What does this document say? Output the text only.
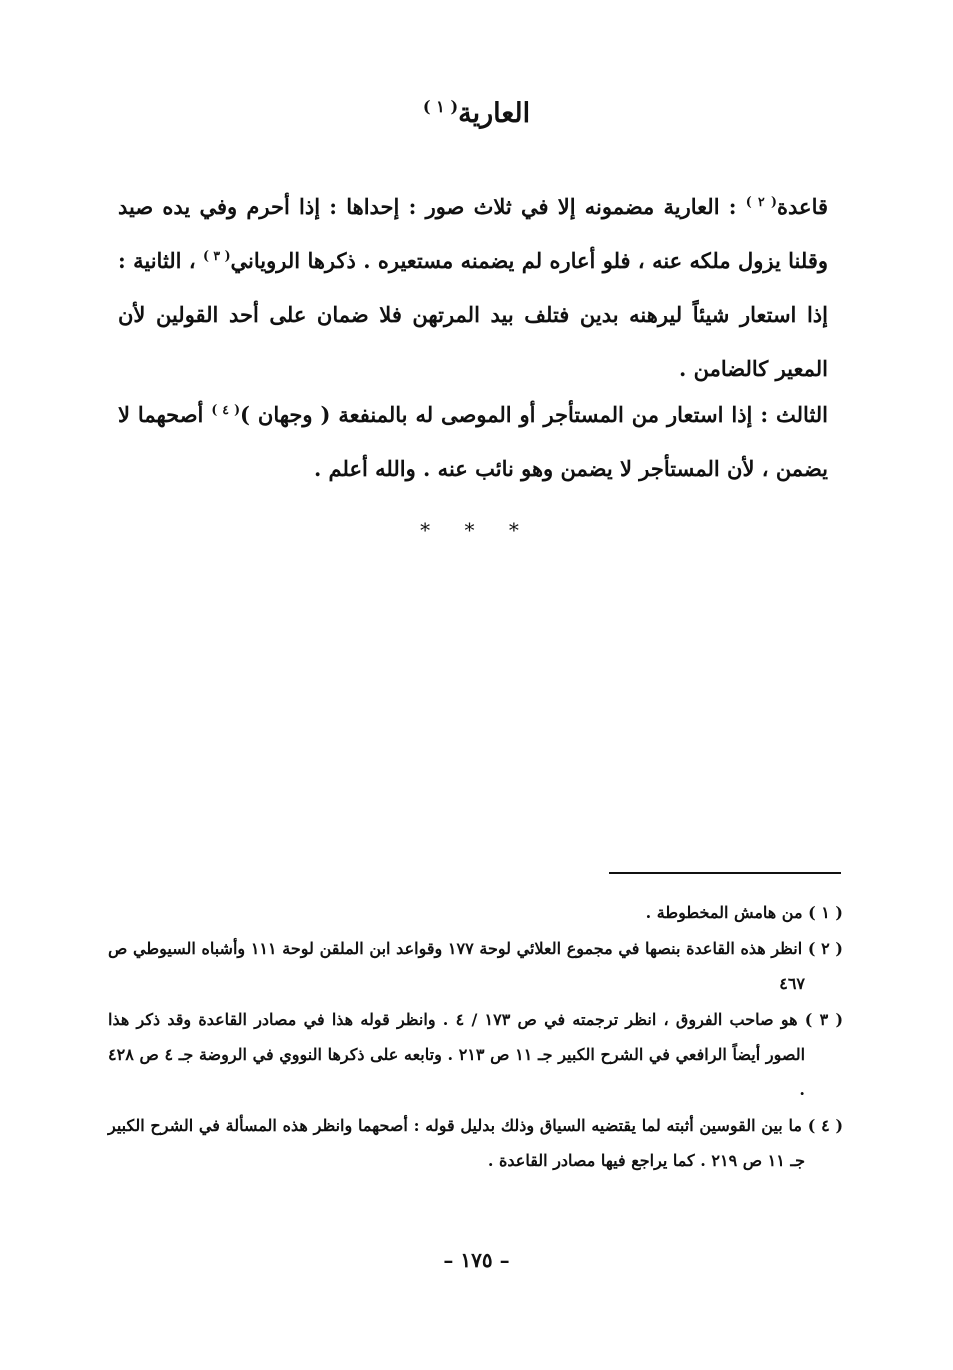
العارية$^{( ١ )}$
قاعدة$^{( ٢ )}$ : العارية مضمونه إلا في ثلاث صور : إحداها : إذا أحرم وفي يده صيد وقلنا يزول ملكه عنه ، فلو أعاره لم يضمنه مستعيره . ذكرها الروياني$^{( ٣ )}$ ، الثانية : إذا استعار شيئاً ليرهنه بدين فتلف بيد المرتهن فلا ضمان على أحد القولين لأن المعير كالضامن .
الثالث : إذا استعار من المستأجر أو الموصى له بالمنفعة ( وجهان )$^{( ٤ )}$ أصحهما لا يضمن ، لأن المستأجر لا يضمن وهو نائب عنه . والله أعلم .
* * *

( ١ ) من هامش المخطوطة .

( ٢ ) انظر هذه القاعدة بنصها في مجموع العلائي لوحة ١٧٧ وقواعد ابن الملقن لوحة ١١١ وأشباه السيوطي ص ٤٦٧

( ٣ ) هو صاحب الفروق ، انظر ترجمته في ص ١٧٣ / ٤ . وانظر قوله هذا في مصادر القاعدة وقد ذكر هذا الصور أيضاً الرافعي في الشرح الكبير جـ ١١ ص ٢١٣ . وتابعه على ذكرها النووي في الروضة جـ ٤ ص ٤٢٨ .

( ٤ ) ما بين القوسين أثبته لما يقتضيه السياق وذلك بدليل قوله : أصحهما وانظر هذه المسألة في الشرح الكبير جـ ١١ ص ٢١٩ . كما يراجع فيها مصادر القاعدة .

– ١٧٥ –
